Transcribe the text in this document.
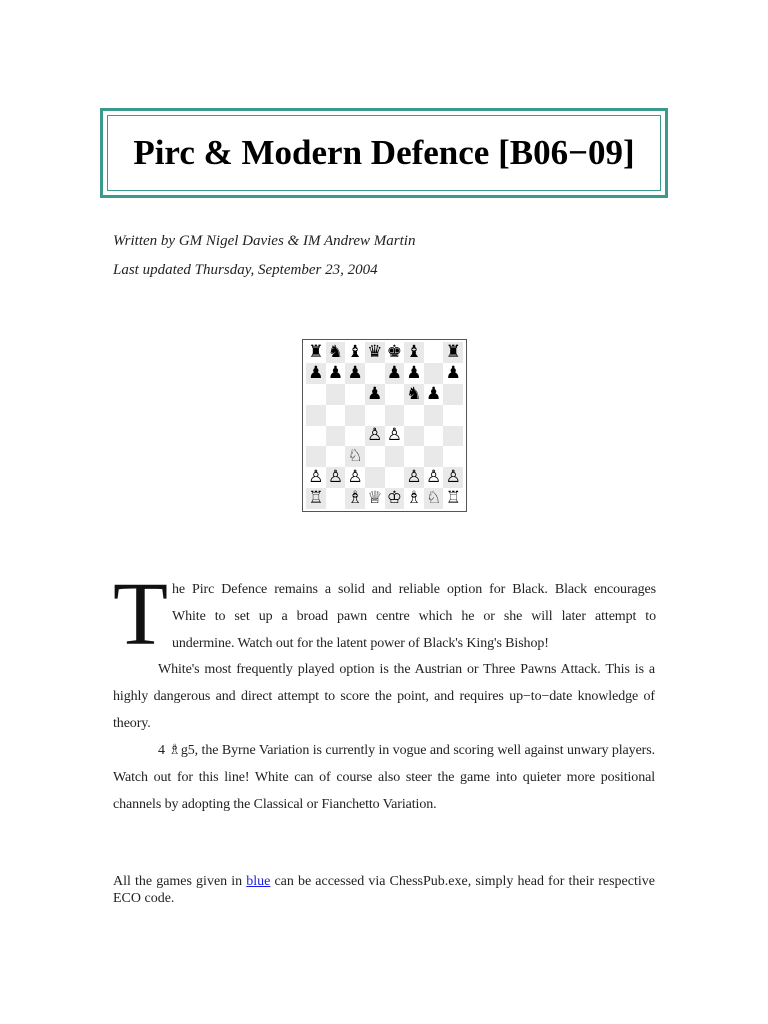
Pirc & Modern Defence [B06−09]
Written by GM Nigel Davies & IM Andrew Martin
Last updated Thursday, September 23, 2004
♜ ♞ ♝ ♛ ♚ ♝ ♜
♟ ♟ ♟ ♟ ♟ ♟
♟ ♞ ♟
♙ ♙
♘
♙ ♙ ♙	♙ ♙ ♙
♖ ♗ ♕ ♔ ♗ ♘ ♖
T he Pirc Defence remains a solid and reliable option for Black. Black encourages
White to set up a broad pawn centre which he or she will later attempt to
undermine. Watch out for the latent power of Black's King's Bishop!
White's most frequently played option is the Austrian or Three Pawns Attack. This is a highly dangerous and direct attempt to score the point, and requires up−to−date knowledge of theory.
4 ♗g5, the Byrne Variation is currently in vogue and scoring well against unwary players. Watch out for this line! White can of course also steer the game into quieter more positional channels by adopting the Classical or Fianchetto Variation.
All the games given in blue can be accessed via ChessPub.exe, simply head for their respective ECO code.
